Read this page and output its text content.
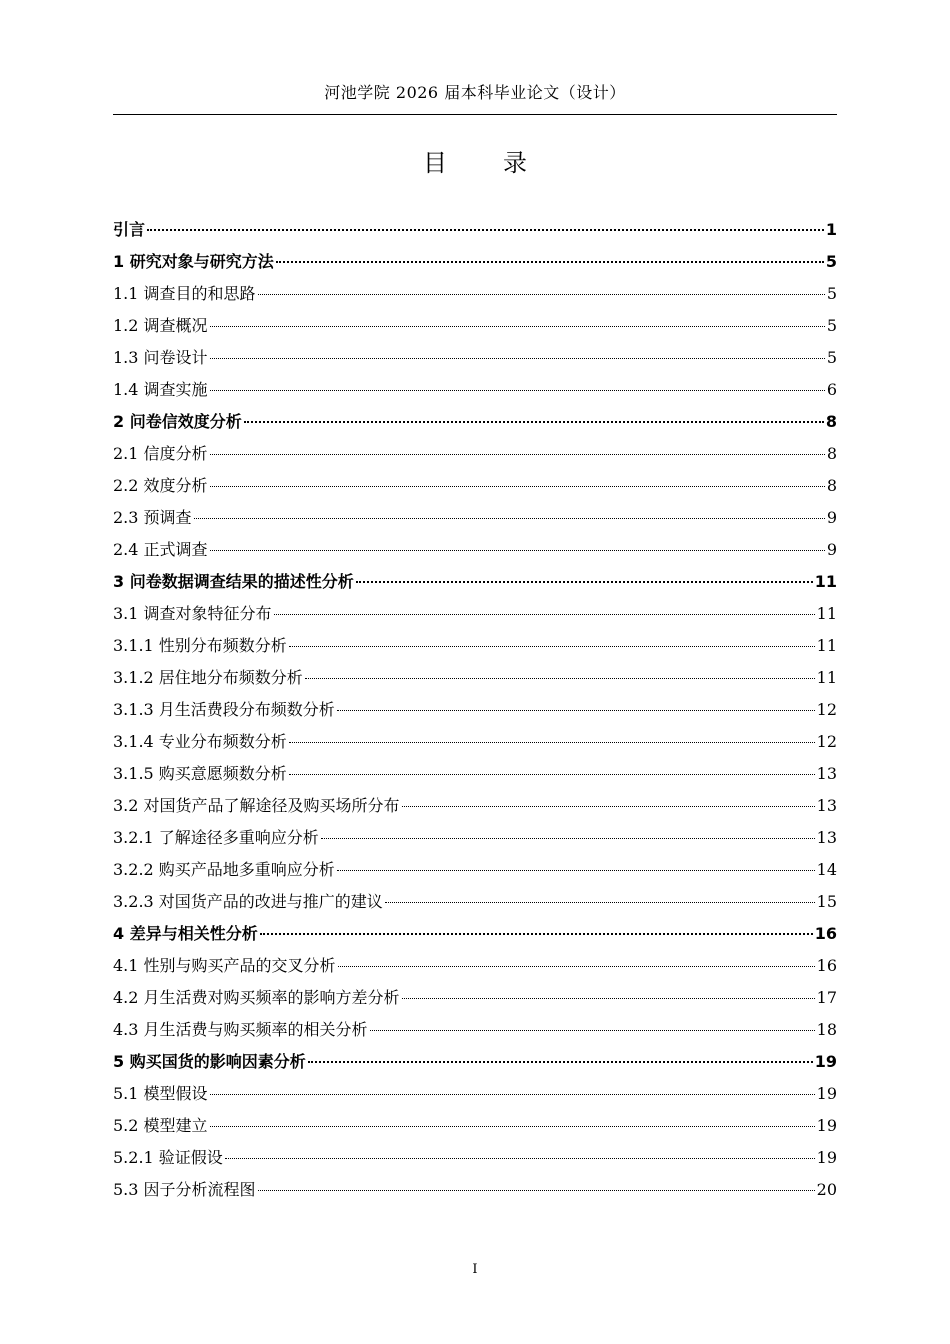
河池学院 2026 届本科毕业论文（设计）
目　录
引言	1
1 研究对象与研究方法	5
1.1 调查目的和思路	5
1.2 调查概况	5
1.3 问卷设计	5
1.4 调查实施	6
2 问卷信效度分析	8
2.1 信度分析	8
2.2 效度分析	8
2.3 预调查	9
2.4 正式调查	9
3 问卷数据调查结果的描述性分析	11
3.1 调查对象特征分布	11
3.1.1 性别分布频数分析	11
3.1.2 居住地分布频数分析	11
3.1.3 月生活费段分布频数分析	12
3.1.4 专业分布频数分析	12
3.1.5 购买意愿频数分析	13
3.2 对国货产品了解途径及购买场所分布	13
3.2.1 了解途径多重响应分析	13
3.2.2 购买产品地多重响应分析	14
3.2.3 对国货产品的改进与推广的建议	15
4 差异与相关性分析	16
4.1 性别与购买产品的交叉分析	16
4.2 月生活费对购买频率的影响方差分析	17
4.3 月生活费与购买频率的相关分析	18
5 购买国货的影响因素分析	19
5.1 模型假设	19
5.2 模型建立	19
5.2.1 验证假设	19
5.3 因子分析流程图	20
I
